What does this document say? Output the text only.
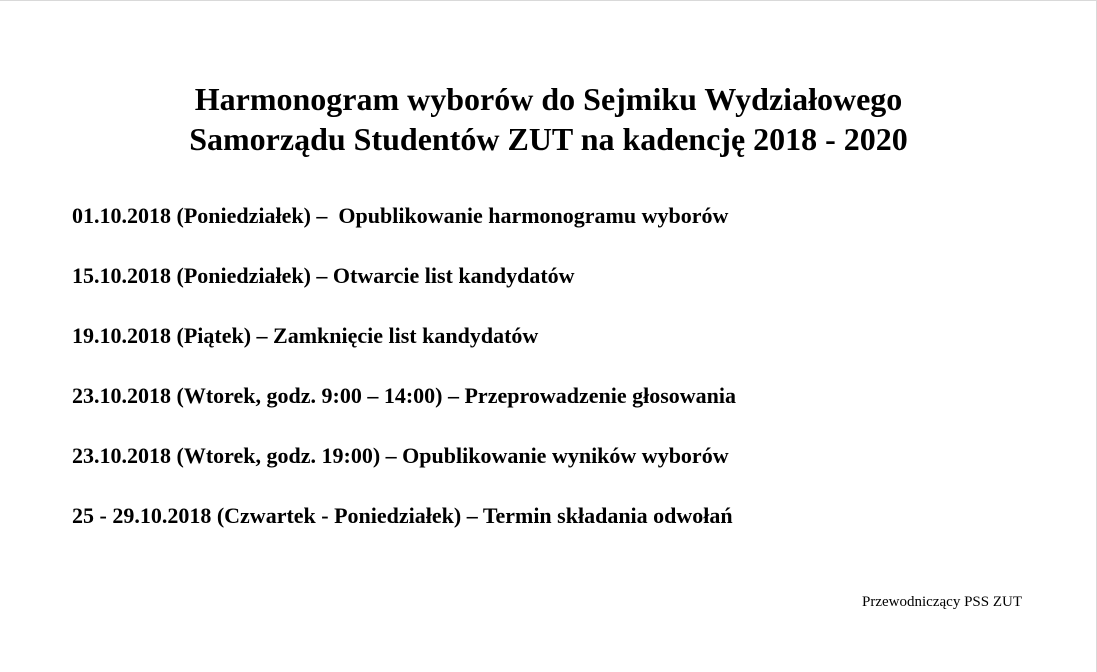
Harmonogram wyborów do Sejmiku Wydziałowego
Samorządu Studentów ZUT na kadencję 2018 - 2020
01.10.2018 (Poniedziałek) –  Opublikowanie harmonogramu wyborów
15.10.2018 (Poniedziałek) – Otwarcie list kandydatów
19.10.2018 (Piątek) – Zamknięcie list kandydatów
23.10.2018 (Wtorek, godz. 9:00 – 14:00) – Przeprowadzenie głosowania
23.10.2018 (Wtorek, godz. 19:00) – Opublikowanie wyników wyborów
25 - 29.10.2018 (Czwartek - Poniedziałek) – Termin składania odwołań
Przewodniczący PSS ZUT
